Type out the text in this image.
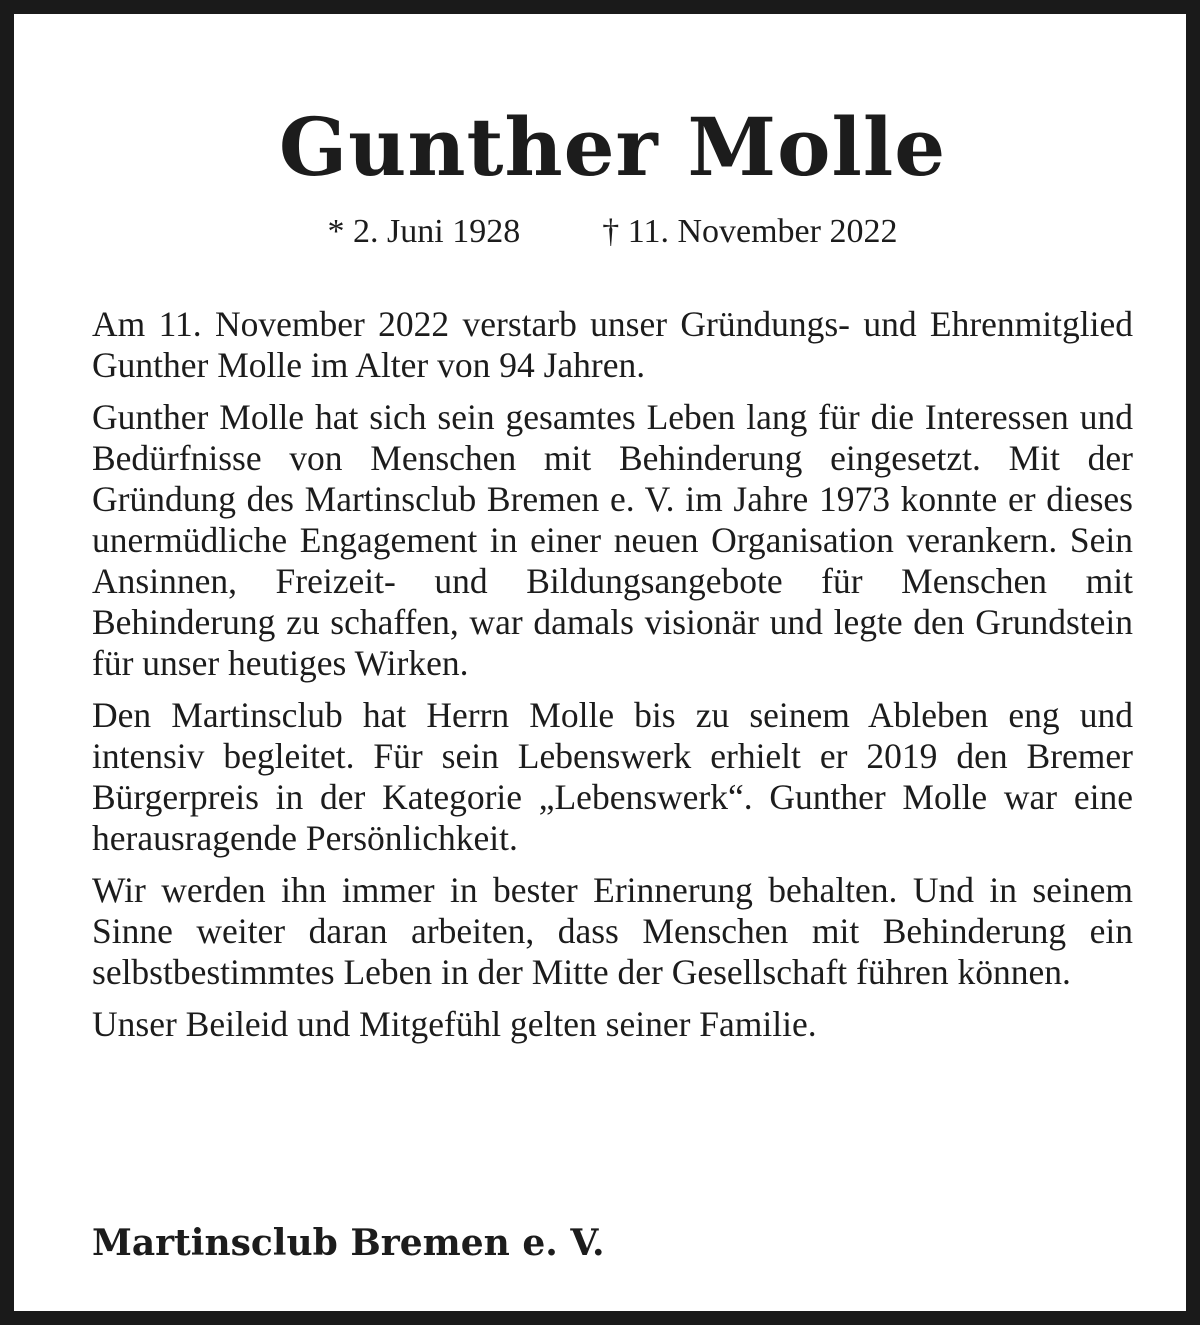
Gunther Molle
* 2. Juni 1928 † 11. November 2022

Am 11. November 2022 verstarb unser Gründungs- und Ehrenmitglied Gunther Molle im Alter von 94 Jahren.

Gunther Molle hat sich sein gesamtes Leben lang für die Interessen und Bedürfnisse von Menschen mit Behinderung eingesetzt. Mit der Gründung des Martinsclub Bremen e. V. im Jahre 1973 konnte er dieses unermüdliche Engagement in einer neuen Organisation verankern. Sein Ansinnen, Freizeit- und Bildungsangebote für Menschen mit Behinderung zu schaffen, war damals visionär und legte den Grundstein für unser heutiges Wirken.

Den Martinsclub hat Herrn Molle bis zu seinem Ableben eng und intensiv begleitet. Für sein Lebenswerk erhielt er 2019 den Bremer Bürgerpreis in der Kategorie „Lebenswerk“. Gunther Molle war eine herausragende Persönlichkeit.

Wir werden ihn immer in bester Erinnerung behalten. Und in seinem Sinne weiter daran arbeiten, dass Menschen mit Behinderung ein selbstbestimmtes Leben in der Mitte der Gesellschaft führen können.

Unser Beileid und Mitgefühl gelten seiner Familie.

Martinsclub Bremen e. V.
